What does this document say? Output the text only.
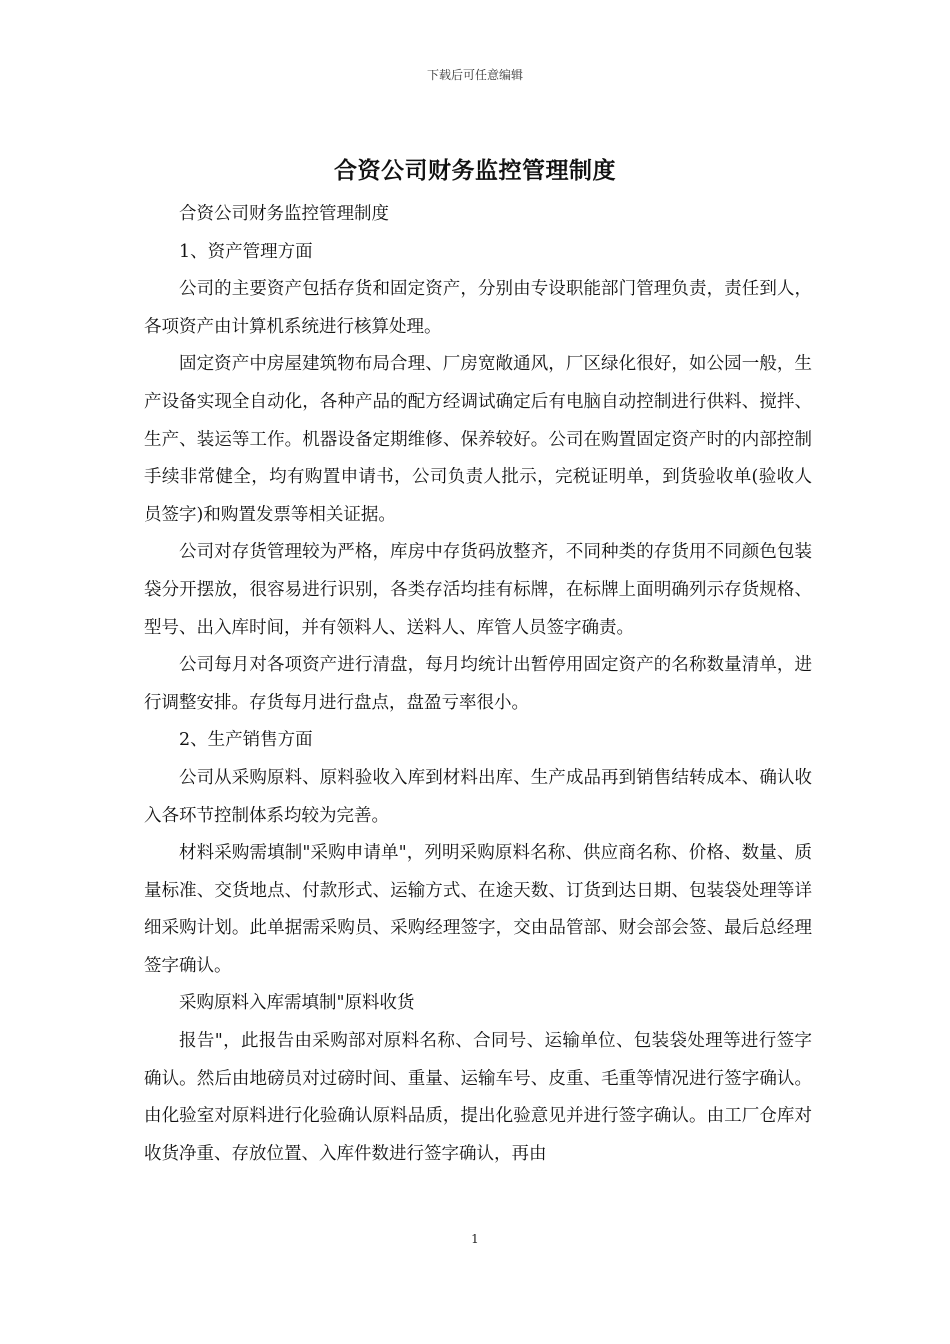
下载后可任意编辑
合资公司财务监控管理制度

合资公司财务监控管理制度

1、资产管理方面

公司的主要资产包括存货和固定资产，分别由专设职能部门管理负责，责任到人，各项资产由计算机系统进行核算处理。

固定资产中房屋建筑物布局合理、厂房宽敞通风，厂区绿化很好，如公园一般，生产设备实现全自动化，各种产品的配方经调试确定后有电脑自动控制进行供料、搅拌、生产、装运等工作。机器设备定期维修、保养较好。公司在购置固定资产时的内部控制手续非常健全，均有购置申请书，公司负责人批示，完税证明单，到货验收单(验收人员签字)和购置发票等相关证据。

公司对存货管理较为严格，库房中存货码放整齐，不同种类的存货用不同颜色包装袋分开摆放，很容易进行识别，各类存活均挂有标牌，在标牌上面明确列示存货规格、型号、出入库时间，并有领料人、送料人、库管人员签字确责。

公司每月对各项资产进行清盘，每月均统计出暂停用固定资产的名称数量清单，进行调整安排。存货每月进行盘点，盘盈亏率很小。

2、生产销售方面

公司从采购原料、原料验收入库到材料出库、生产成品再到销售结转成本、确认收入各环节控制体系均较为完善。

材料采购需填制"采购申请单"，列明采购原料名称、供应商名称、价格、数量、质量标准、交货地点、付款形式、运输方式、在途天数、订货到达日期、包装袋处理等详细采购计划。此单据需采购员、采购经理签字，交由品管部、财会部会签、最后总经理签字确认。

采购原料入库需填制"原料收货

报告"，此报告由采购部对原料名称、合同号、运输单位、包装袋处理等进行签字确认。然后由地磅员对过磅时间、重量、运输车号、皮重、毛重等情况进行签字确认。由化验室对原料进行化验确认原料品质，提出化验意见并进行签字确认。由工厂仓库对收货净重、存放位置、入库件数进行签字确认，再由

1
